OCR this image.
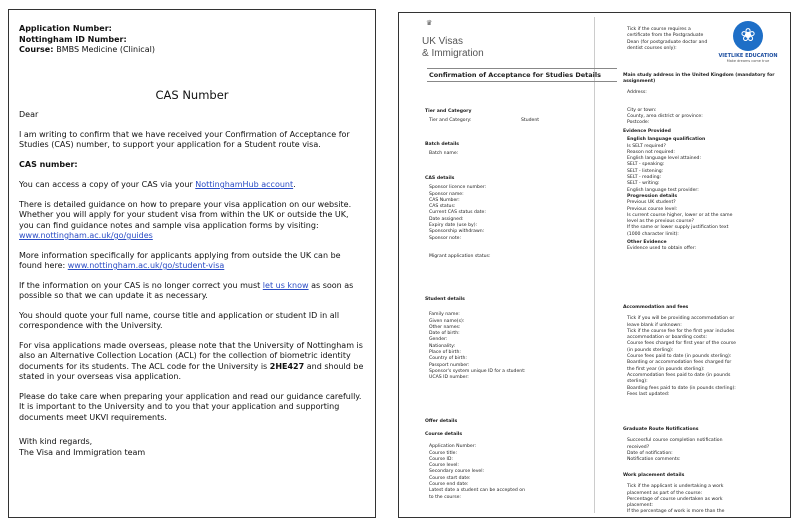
Application Number:
Nottingham ID Number:
Course: BMBS Medicine (Clinical)
CAS Number

Dear

I am writing to confirm that we have received your Confirmation of Acceptance for Studies (CAS) number, to support your application for a Student route visa.

CAS number:

You can access a copy of your CAS via your NottinghamHub account.

There is detailed guidance on how to prepare your visa application on our website. Whether you will apply for your student visa from within the UK or outside the UK, you can find guidance notes and sample visa application forms by visiting: www.nottingham.ac.uk/go/guides

More information specifically for applicants applying from outside the UK can be found here: www.nottingham.ac.uk/go/student-visa

If the information on your CAS is no longer correct you must let us know as soon as possible so that we can update it as necessary.

You should quote your full name, course title and application or student ID in all correspondence with the University.

For visa applications made overseas, please note that the University of Nottingham is also an Alternative Collection Location (ACL) for the collection of biometric identity documents for its students. The ACL code for the University is 2HE427 and should be stated in your overseas visa application.

Please do take care when preparing your application and read our guidance carefully. It is important to the University and to you that your application and supporting documents meet UKVI requirements.

With kind regards,
The Visa and Immigration team
♛
UK Visas
& Immigration
Confirmation of Acceptance for Studies Details
Tier and Category
Tier and Category:	Student
Batch details
Batch name:
CAS details
Sponsor licence number:
Sponsor name:
CAS Number:
CAS status:
Current CAS status date:
Date assigned:
Expiry date (use by):
Sponsorship withdrawn:
Sponsor note:
Migrant application status:
Student details
Family name:
Given name(s):
Other names:
Date of birth:
Gender:
Nationality:
Place of birth:
Country of birth:
Passport number:
Sponsor's system unique ID for a student:
UCAS ID number:
Offer details
Course details
Application Number:
Course title:
Course ID:
Course level:
Secondary course level:
Course start date:
Course end date:
Latest date a student can be accepted on to the course:
Tick if the course requires a certificate from the Postgraduate Dean (for postgraduate doctor and dentist courses only):
❀
VIETLIKE EDUCATION
Make dreams come true
Main study address in the United Kingdom (mandatory for assignment)
Address:
City or town:
County, area district or province:
Postcode:
Evidence Provided
English language qualification
Is SELT required?
Reason not required:
English language level attained:
SELT - speaking:
SELT - listening:
SELT - reading:
SELT - writing:
English language test provider:
Progression details
Previous UK student?
Previous course level:
Is current course higher, lower or at the same level as the previous course?
If the same or lower supply justification text (1000 character limit):
Other Evidence
Evidence used to obtain offer:
Accommodation and fees
Tick if you will be providing accommodation or leave blank if unknown:
Tick if the course fee for the first year includes accommodation or boarding costs:
Course fees charged for first year of the course (in pounds sterling):
Course fees paid to date (in pounds sterling):
Boarding or accommodation fees charged for the first year (in pounds sterling):
Accommodation fees paid to date (in pounds sterling):
Boarding fees paid to date (in pounds sterling):
Fees last updated:
Graduate Route Notifications
Successful course completion notification received?
Date of notification:
Notification comments:
Work placement details
Tick if the applicant is undertaking a work placement as part of the course:
Percentage of course undertaken as work placement:
If the percentage of work is more than the
